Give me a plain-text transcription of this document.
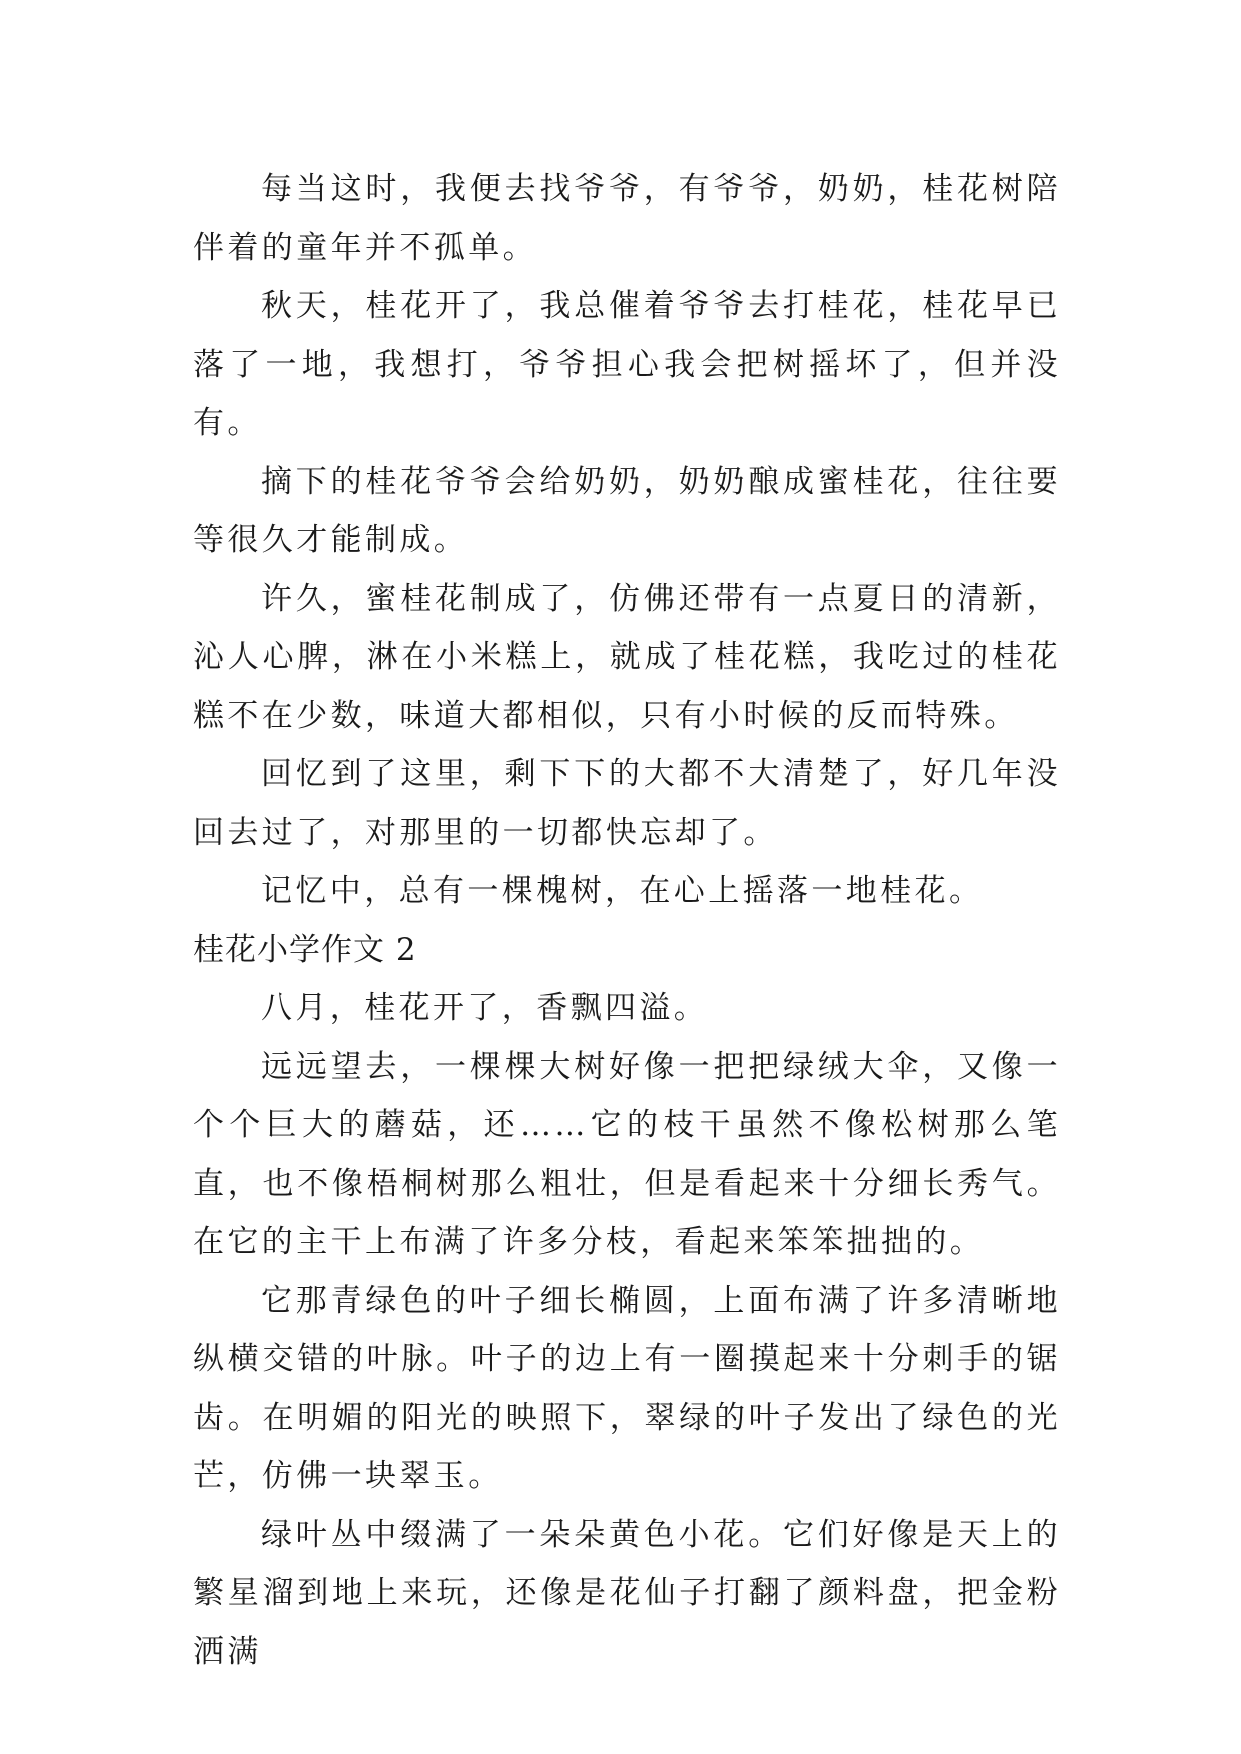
每当这时，我便去找爷爷，有爷爷，奶奶，桂花树陪伴着的童年并不孤单。

秋天，桂花开了，我总催着爷爷去打桂花，桂花早已落了一地，我想打，爷爷担心我会把树摇坏了，但并没有。

摘下的桂花爷爷会给奶奶，奶奶酿成蜜桂花，往往要等很久才能制成。

许久，蜜桂花制成了，仿佛还带有一点夏日的清新，沁人心脾，淋在小米糕上，就成了桂花糕，我吃过的桂花糕不在少数，味道大都相似，只有小时候的反而特殊。

回忆到了这里，剩下下的大都不大清楚了，好几年没回去过了，对那里的一切都快忘却了。

记忆中，总有一棵槐树，在心上摇落一地桂花。

桂花小学作文 2

八月，桂花开了，香飘四溢。

远远望去，一棵棵大树好像一把把绿绒大伞，又像一个个巨大的蘑菇，还……它的枝干虽然不像松树那么笔直，也不像梧桐树那么粗壮，但是看起来十分细长秀气。在它的主干上布满了许多分枝，看起来笨笨拙拙的。

它那青绿色的叶子细长椭圆，上面布满了许多清晰地纵横交错的叶脉。叶子的边上有一圈摸起来十分刺手的锯齿。在明媚的阳光的映照下，翠绿的叶子发出了绿色的光芒，仿佛一块翠玉。

绿叶丛中缀满了一朵朵黄色小花。它们好像是天上的繁星溜到地上来玩，还像是花仙子打翻了颜料盘，把金粉洒满
